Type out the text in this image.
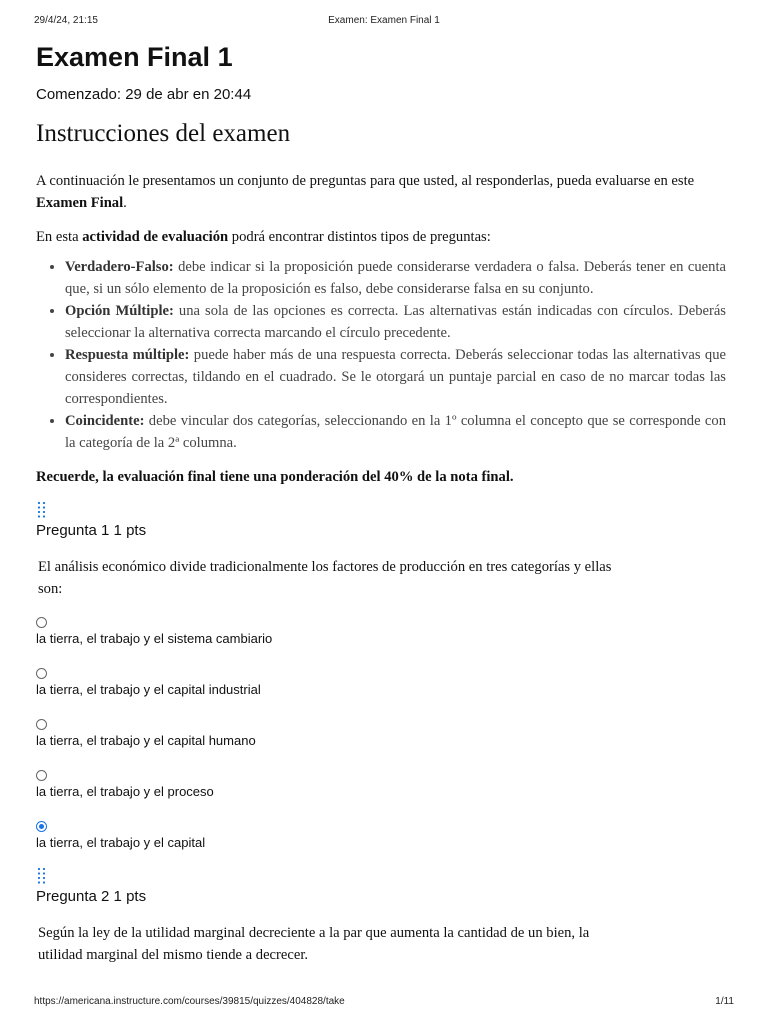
29/4/24, 21:15	Examen: Examen Final 1
Examen Final 1
Comenzado: 29 de abr en 20:44
Instrucciones del examen
A continuación le presentamos un conjunto de preguntas para que usted, al responderlas, pueda evaluarse en este Examen Final.
En esta actividad de evaluación podrá encontrar distintos tipos de preguntas:
• Verdadero-Falso: debe indicar si la proposición puede considerarse verdadera o falsa. Deberás tener en cuenta que, si un sólo elemento de la proposición es falso, debe considerarse falsa en su conjunto.
• Opción Múltiple: una sola de las opciones es correcta. Las alternativas están indicadas con círculos. Deberás seleccionar la alternativa correcta marcando el círculo precedente.
• Respuesta múltiple: puede haber más de una respuesta correcta. Deberás seleccionar todas las alternativas que consideres correctas, tildando en el cuadrado. Se le otorgará un puntaje parcial en caso de no marcar todas las correspondientes.
• Coincidente: debe vincular dos categorías, seleccionando en la 1º columna el concepto que se corresponde con la categoría de la 2ª columna.
Recuerde, la evaluación final tiene una ponderación del 40% de la nota final.
Pregunta 1 1 pts
El análisis económico divide tradicionalmente los factores de producción en tres categorías y ellas son:
la tierra, el trabajo y el sistema cambiario
la tierra, el trabajo y el capital industrial
la tierra, el trabajo y el capital humano
la tierra, el trabajo y el proceso
la tierra, el trabajo y el capital
Pregunta 2 1 pts
Según la ley de la utilidad marginal decreciente a la par que aumenta la cantidad de un bien, la utilidad marginal del mismo tiende a decrecer.
https://americana.instructure.com/courses/39815/quizzes/404828/take	1/11
